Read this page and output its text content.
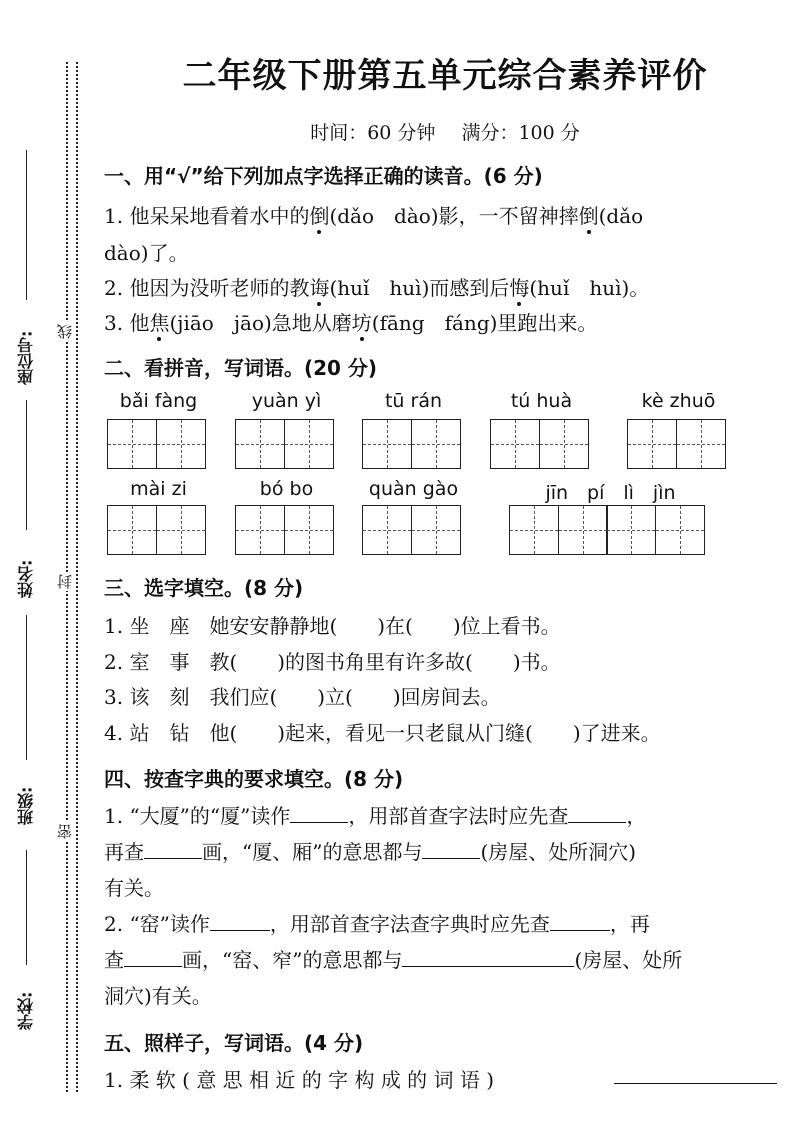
座位号:
姓名:
班级:
学校:
线
封
密
二年级下册第五单元综合素养评价
时间：60 分钟 满分：100 分
一、用“√”给下列加点字选择正确的读音。(6 分)
1. 他呆呆地看着水中的倒(dǎo　dào)影，一不留神摔倒(dǎo
dào)了。
2. 他因为没听老师的教诲(huǐ　huì)而感到后悔(huǐ　huì)。
3. 他焦(jiāo　jāo)急地从磨坊(fāng　fáng)里跑出来。
二、看拼音，写词语。(20 分)
bǎi fàng	yuàn yì	tū rán	tú huà	kè zhuō
mài zi	bó bo	quàn gào	jīn　pí　lì　jìn
三、选字填空。(8 分)
1. 坐　座　她安安静静地(　　)在(　　)位上看书。
2. 室　事　教(　　)的图书角里有许多故(　　)书。
3. 该　刻　我们应(　　)立(　　)回房间去。
4. 站　钻　他(　　)起来，看见一只老鼠从门缝(　　)了进来。
四、按查字典的要求填空。(8 分)
1. “大厦”的“厦”读作	，用部首查字法时应先查	，
再查	画，“厦、厢”的意思都与	(房屋、处所洞穴)
有关。
2. “窑”读作	，用部首查字法查字典时应先查	，再
查	画，“窑、窄”的意思都与	(房屋、处所
洞穴)有关。
五、照样子，写词语。(4 分)
1. 柔 软 ( 意 思 相 近 的 字 构 成 的 词 语 )
